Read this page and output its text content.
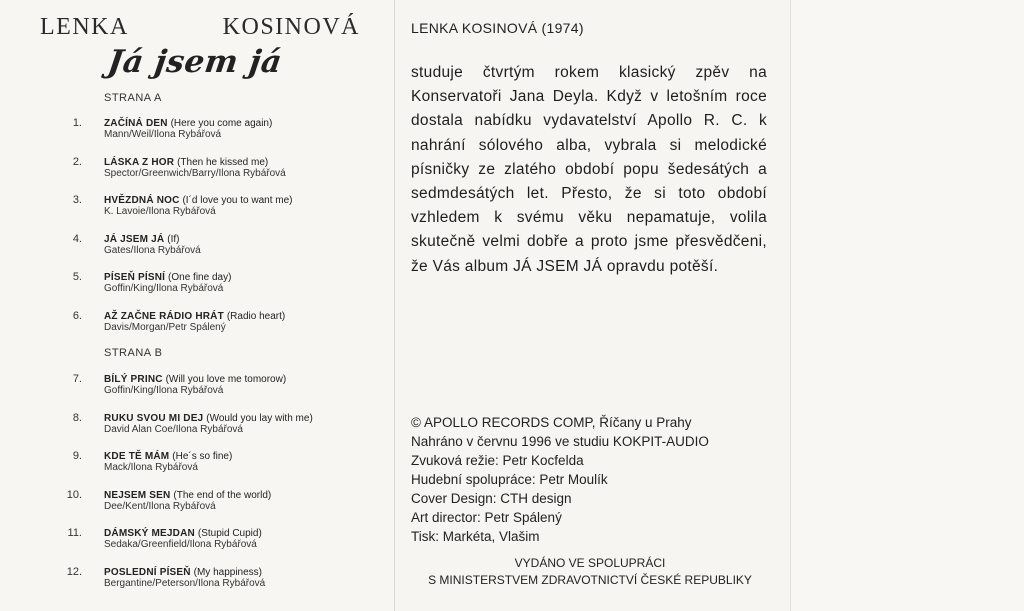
LENKA	KOSINOVÁ
Já jsem já
STRANA A
1. ZAČÍNÁ DEN (Here you come again)
Mann/Weil/Ilona Rybářová
2. LÁSKA Z HOR (Then he kissed me)
Spector/Greenwich/Barry/Ilona Rybářová
3. HVĚZDNÁ NOC (I´d love you to want me)
K. Lavoie/Ilona Rybářová
4. JÁ JSEM JÁ (If)
Gates/Ilona Rybářová
5. PÍSEŇ PÍSNÍ (One fine day)
Goffin/King/Ilona Rybářová
6. AŽ ZAČNE RÁDIO HRÁT (Radio heart)
Davis/Morgan/Petr Spálený
STRANA B
7. BÍLÝ PRINC (Will you love me tomorow)
Goffin/King/Ilona Rybářová
8. RUKU SVOU MI DEJ (Would you lay with me)
David Alan Coe/Ilona Rybářová
9. KDE TĚ MÁM (He´s so fine)
Mack/Ilona Rybářová
10. NEJSEM SEN (The end of the world)
Dee/Kent/Ilona Rybářová
11. DÁMSKÝ MEJDAN (Stupid Cupid)
Sedaka/Greenfield/Ilona Rybářová
12. POSLEDNÍ PÍSEŇ (My happiness)
Bergantine/Peterson/Ilona Rybářová
LENKA KOSINOVÁ (1974)
studuje čtvrtým rokem klasický zpěv na Konservatoři Jana Deyla. Když v letošním roce dostala nabídku vydavatelství Apollo R. C. k nahrání sólového alba, vybrala si melodické písničky ze zlatého období popu šedesátých a sedmdesátých let. Přesto, že si toto období vzhledem k svému věku nepamatuje, volila skutečně velmi dobře a proto jsme přesvědčeni, že Vás album JÁ JSEM JÁ opravdu potěší.
© APOLLO RECORDS COMP, Říčany u Prahy
Nahráno v červnu 1996 ve studiu KOKPIT-AUDIO
Zvuková režie: Petr Kocfelda
Hudební spolupráce: Petr Moulík
Cover Design: CTH design
Art director: Petr Spálený
Tisk: Markéta, Vlašim
VYDÁNO VE SPOLUPRÁCI
S MINISTERSTVEM ZDRAVOTNICTVÍ ČESKÉ REPUBLIKY
